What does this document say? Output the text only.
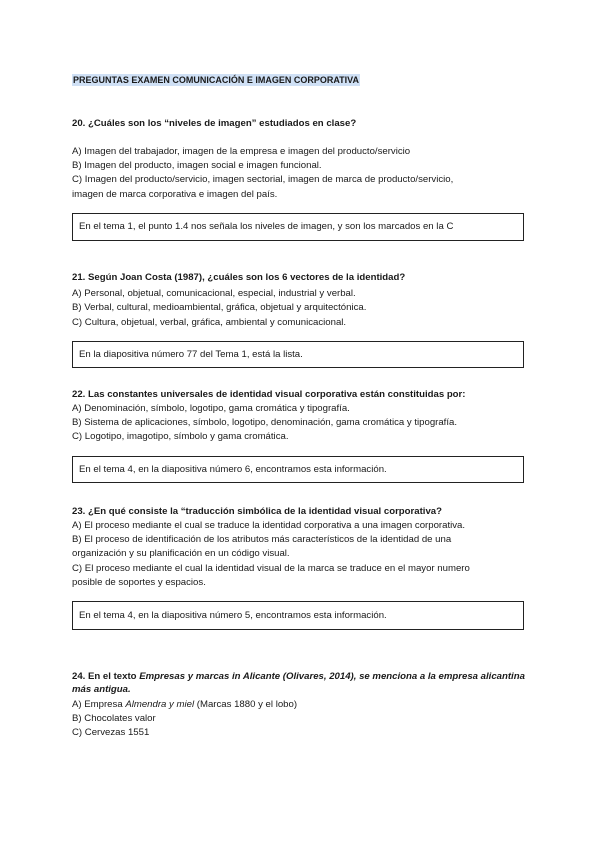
PREGUNTAS EXAMEN COMUNICACIÓN E IMAGEN CORPORATIVA
20. ¿Cuáles son los “niveles de imagen” estudiados en clase?
A) Imagen del trabajador, imagen de la empresa e imagen del producto/servicio
B) Imagen del producto, imagen social e imagen funcional.
C) Imagen del producto/servicio, imagen sectorial, imagen de marca de producto/servicio,
imagen de marca corporativa e imagen del país.
En el tema 1, el punto 1.4 nos señala los niveles de imagen, y son los marcados en la C
21. Según Joan Costa (1987), ¿cuáles son los 6 vectores de la identidad?
A) Personal, objetual, comunicacional, especial, industrial y verbal.
B) Verbal, cultural, medioambiental, gráfica, objetual y arquitectónica.
C) Cultura, objetual, verbal, gráfica, ambiental y comunicacional.
En la diapositiva número 77 del Tema 1, está la lista.
22. Las constantes universales de identidad visual corporativa están constituidas por:
A) Denominación, símbolo, logotipo, gama cromática y tipografía.
B) Sistema de aplicaciones, símbolo, logotipo, denominación, gama cromática y tipografía.
C) Logotipo, imagotipo, símbolo y gama cromática.
En el tema 4, en la diapositiva número 6, encontramos esta información.
23. ¿En qué consiste la “traducción simbólica de la identidad visual corporativa?
A) El proceso mediante el cual se traduce la identidad corporativa a una imagen corporativa.
B) El proceso de identificación de los atributos más característicos de la identidad de una
organización y su planificación en un código visual.
C) El proceso mediante el cual la identidad visual de la marca se traduce en el mayor numero
posible de soportes y espacios.
En el tema 4, en la diapositiva número 5, encontramos esta información.
24. En el texto Empresas y marcas in Alicante (Olivares, 2014), se menciona a la empresa alicantina
más antigua.
A) Empresa Almendra y miel (Marcas 1880 y el lobo)
B) Chocolates valor
C) Cervezas 1551
